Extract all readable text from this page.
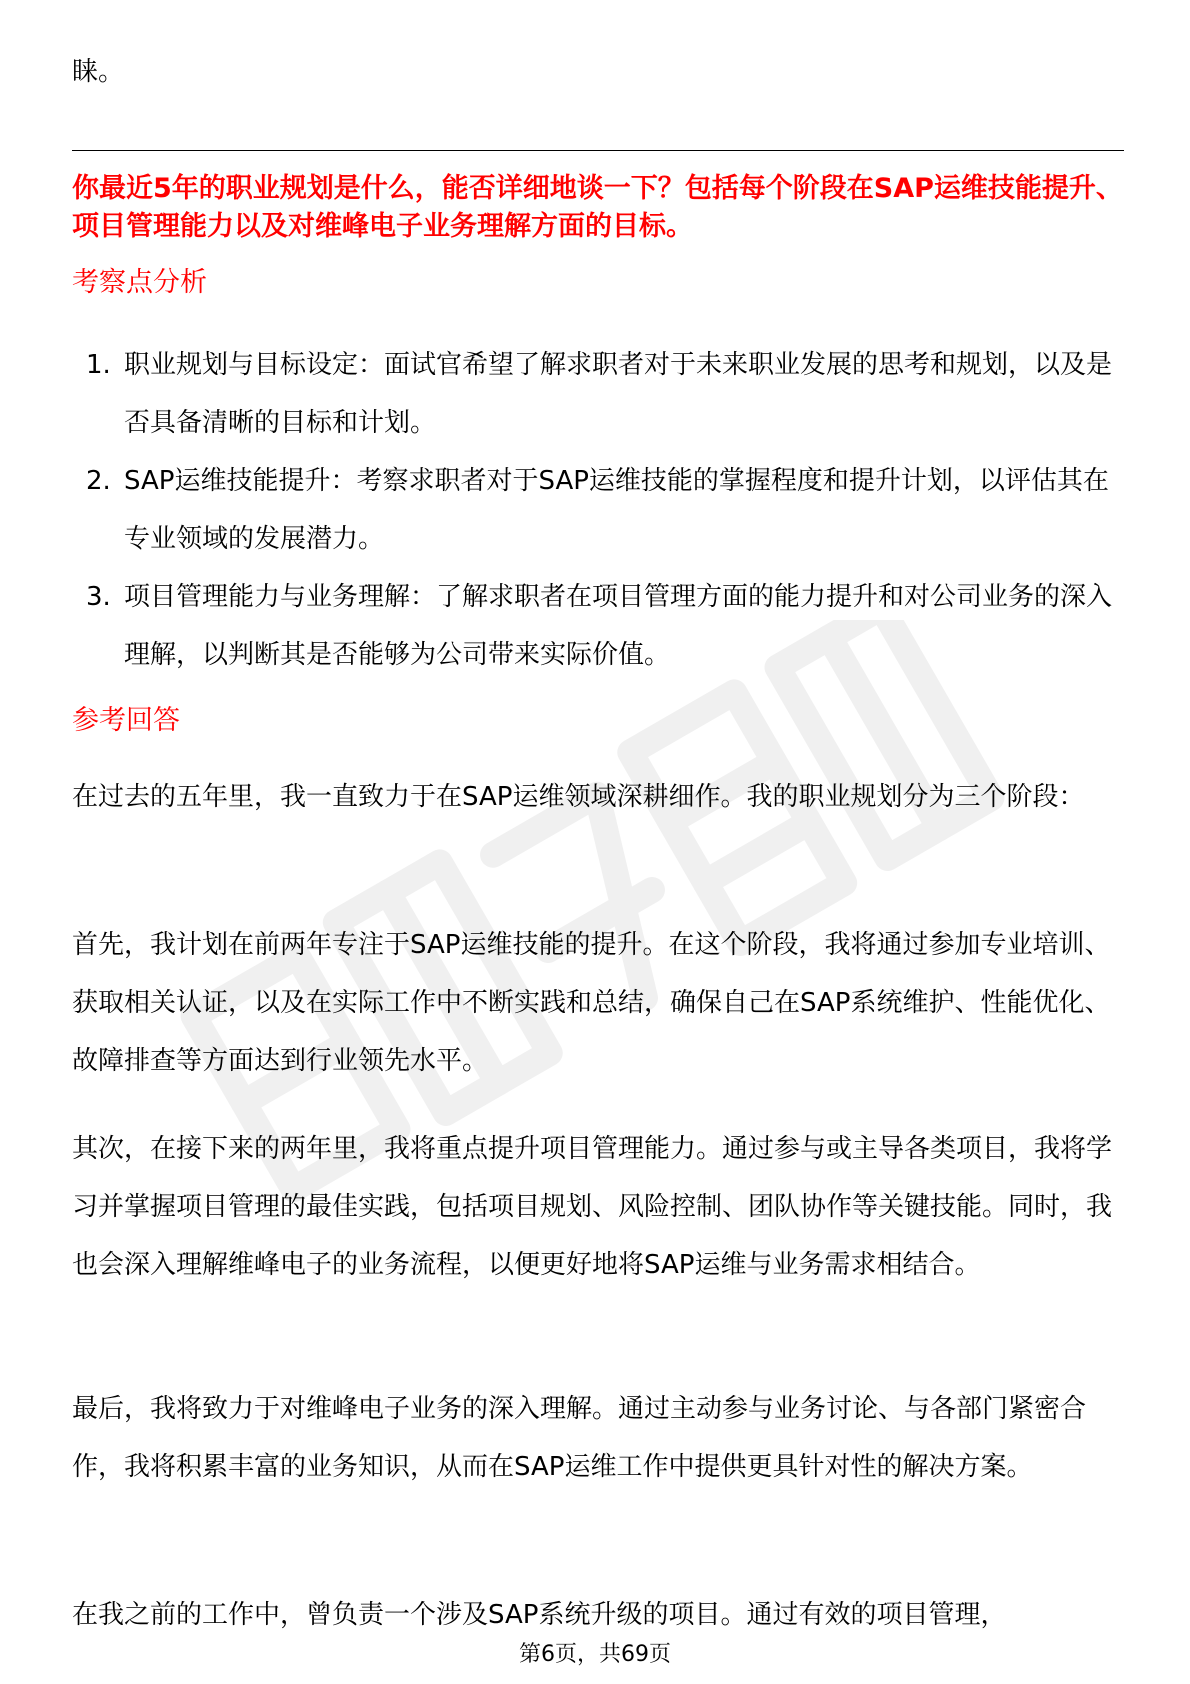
睐。
你最近5年的职业规划是什么，能否详细地谈一下？包括每个阶段在SAP运维技能提升、项目管理能力以及对维峰电子业务理解方面的目标。
考察点分析
1. 职业规划与目标设定：面试官希望了解求职者对于未来职业发展的思考和规划，以及是否具备清晰的目标和计划。
2. SAP运维技能提升：考察求职者对于SAP运维技能的掌握程度和提升计划，以评估其在专业领域的发展潜力。
3. 项目管理能力与业务理解：了解求职者在项目管理方面的能力提升和对公司业务的深入理解，以判断其是否能够为公司带来实际价值。
参考回答

在过去的五年里，我一直致力于在SAP运维领域深耕细作。我的职业规划分为三个阶段：

首先，我计划在前两年专注于SAP运维技能的提升。在这个阶段，我将通过参加专业培训、获取相关认证，以及在实际工作中不断实践和总结，确保自己在SAP系统维护、性能优化、故障排查等方面达到行业领先水平。

其次，在接下来的两年里，我将重点提升项目管理能力。通过参与或主导各类项目，我将学习并掌握项目管理的最佳实践，包括项目规划、风险控制、团队协作等关键技能。同时，我也会深入理解维峰电子的业务流程，以便更好地将SAP运维与业务需求相结合。

最后，我将致力于对维峰电子业务的深入理解。通过主动参与业务讨论、与各部门紧密合作，我将积累丰富的业务知识，从而在SAP运维工作中提供更具针对性的解决方案。

在我之前的工作中，曾负责一个涉及SAP系统升级的项目。通过有效的项目管理，

第6页，共69页
